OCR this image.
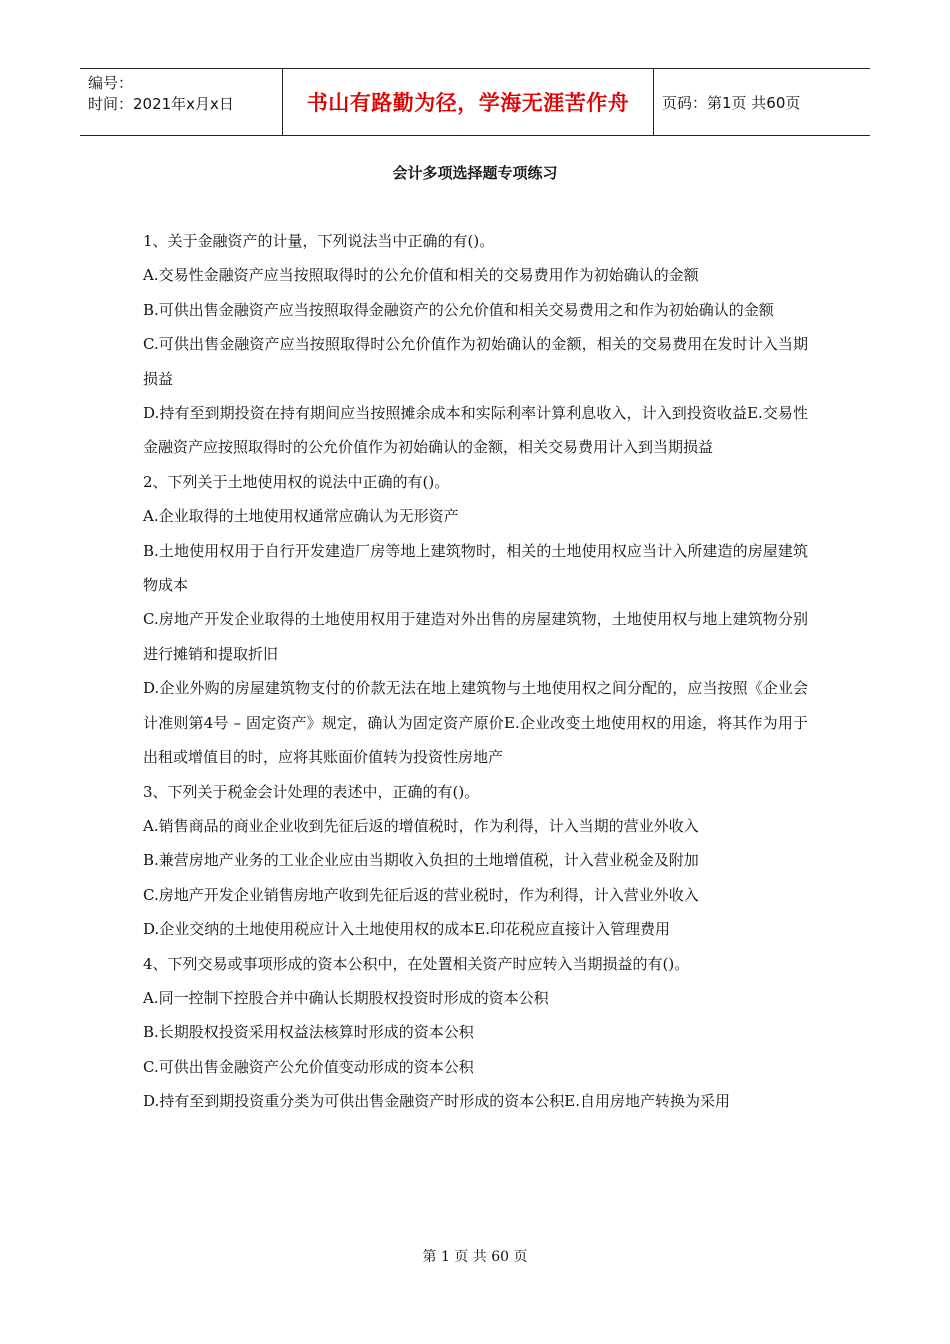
编号：
时间：2021年x月x日	书山有路勤为径，学海无涯苦作舟	页码：第1页 共60页
会计多项选择题专项练习

1、关于金融资产的计量，下列说法当中正确的有()。

A.交易性金融资产应当按照取得时的公允价值和相关的交易费用作为初始确认的金额

B.可供出售金融资产应当按照取得金融资产的公允价值和相关交易费用之和作为初始确认的金额

C.可供出售金融资产应当按照取得时公允价值作为初始确认的金额，相关的交易费用在发时计入当期损益

D.持有至到期投资在持有期间应当按照摊余成本和实际利率计算利息收入，计入到投资收益E.交易性金融资产应按照取得时的公允价值作为初始确认的金额，相关交易费用计入到当期损益

2、下列关于土地使用权的说法中正确的有()。

A.企业取得的土地使用权通常应确认为无形资产

B.土地使用权用于自行开发建造厂房等地上建筑物时，相关的土地使用权应当计入所建造的房屋建筑物成本

C.房地产开发企业取得的土地使用权用于建造对外出售的房屋建筑物，土地使用权与地上建筑物分别进行摊销和提取折旧

D.企业外购的房屋建筑物支付的价款无法在地上建筑物与土地使用权之间分配的，应当按照《企业会计准则第4号 – 固定资产》规定，确认为固定资产原价E.企业改变土地使用权的用途，将其作为用于出租或增值目的时，应将其账面价值转为投资性房地产

3、下列关于税金会计处理的表述中，正确的有()。

A.销售商品的商业企业收到先征后返的增值税时，作为利得，计入当期的营业外收入

B.兼营房地产业务的工业企业应由当期收入负担的土地增值税，计入营业税金及附加

C.房地产开发企业销售房地产收到先征后返的营业税时，作为利得，计入营业外收入

D.企业交纳的土地使用税应计入土地使用权的成本E.印花税应直接计入管理费用

4、下列交易或事项形成的资本公积中，在处置相关资产时应转入当期损益的有()。

A.同一控制下控股合并中确认长期股权投资时形成的资本公积

B.长期股权投资采用权益法核算时形成的资本公积

C.可供出售金融资产公允价值变动形成的资本公积

D.持有至到期投资重分类为可供出售金融资产时形成的资本公积E.自用房地产转换为采用

第 1 页 共 60 页
